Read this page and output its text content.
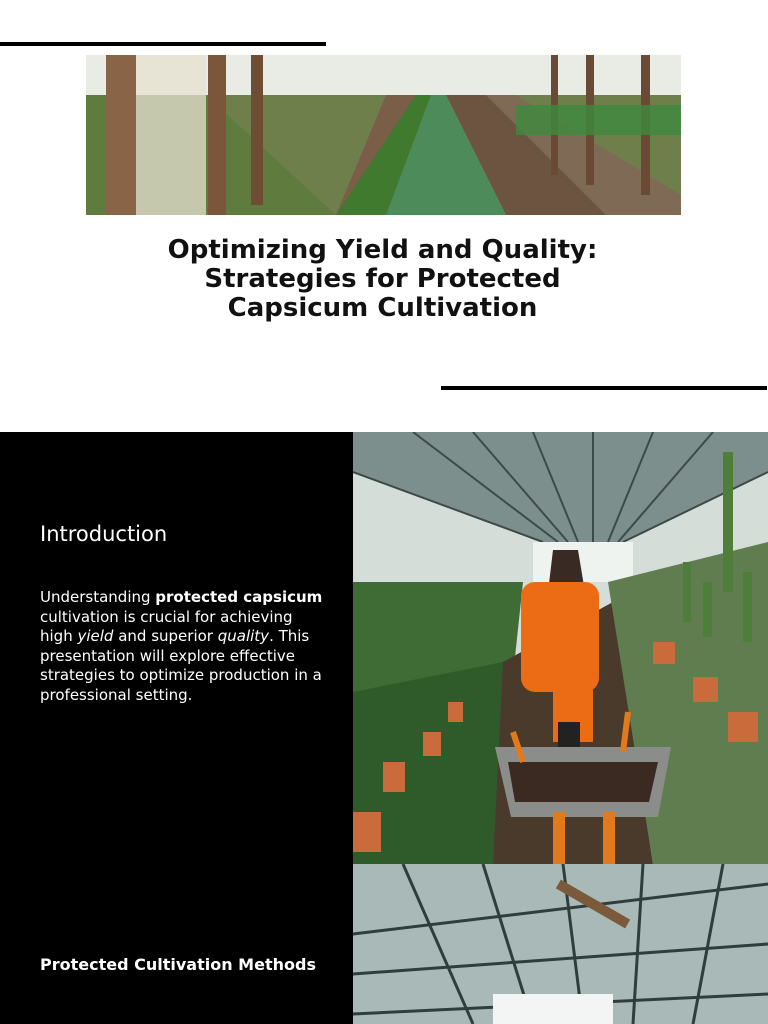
Optimizing Yield and Quality:
Strategies for Protected
Capsicum Cultivation
Introduction
Understanding protected capsicum cultivation is crucial for achieving high yield and superior quality. This presentation will explore effective strategies to optimize production in a professional setting.
Protected Cultivation Methods
